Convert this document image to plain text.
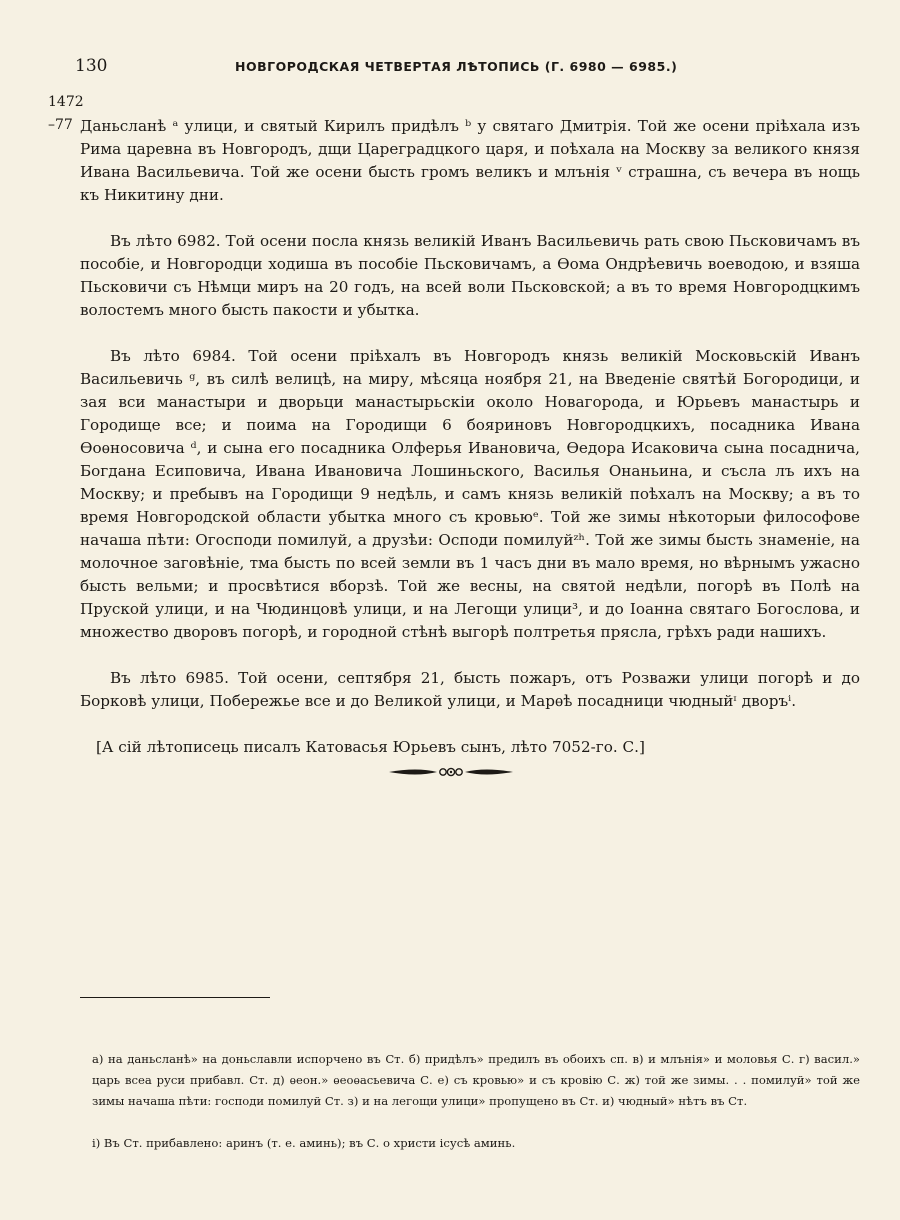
130	НОВГОРОДСКАЯ ЧЕТВЕРТАЯ ЛѢТОПИСЬ (Г. 6980 — 6985.)
1472
–77 Даньсланѣ ᵃ улици, и святый Кирилъ придѣлъ ᵇ у святаго Дмитрія. Той же осени пріѣхала изъ Рима царевна въ Новгородъ, дщи Цареградцкого царя, и поѣхала на Москву за великого князя Ивана Васильевича. Той же осени бысть громъ великъ и млънія ᵛ страшна, съ вечера въ нощь къ Никитину дни.

Въ лѣто 6982. Той осени посла князь великій Иванъ Васильевичь рать свою Пьсковичамъ въ пособіе, и Новгородци ходиша въ пособіе Пьсковичамъ, а Ѳома Ондрѣевичь воеводою, и взяша Пьсковичи съ Нѣмци миръ на 20 годъ, на всей воли Пьсковской; а въ то время Новгородцкимъ волостемъ много бысть пакости и убытка.

Въ лѣто 6984. Той осени пріѣхалъ въ Новгородъ князь великій Московьскій Иванъ Васильевичь ᵍ, въ силѣ велицѣ, на миру, мѣсяца ноября 21, на Введеніе святѣй Богородици, и зая вси манастыри и дворьци манастырьскіи около Новагорода, и Юрьевъ манастырь и Городище все; и поима на Городищи 6 бояриновъ Новгородцкихъ, посадника Ивана Ѳоѳносовича ᵈ, и сына его посадника Олферья Ивановича, Ѳедора Исаковича сына посадничa, Богдана Есиповича, Ивана Ивановича Лошиньского, Василья Онаньина, и съсла лъ ихъ на Москву; и пребывъ на Городищи 9 недѣль, и самъ князь великій поѣхалъ на Москву; а въ то время Новгородской области убытка много съ кровьюᵉ. Той же зимы нѣкоторыи философове начаша пѣти: Огосподи помилуй, а друзѣи: Осподи помилуйᶻʰ. Той же зимы бысть знаменіе, на молочное заговѣніе, тма бысть по всей земли въ 1 часъ дни въ мало время, но вѣрнымъ ужасно бысть вельми; и просвѣтися вборзѣ. Той же весны, на святой недѣли, погорѣ въ Полѣ на Пруской улици, и на Чюдинцовѣ улици, и на Легощи улици³, и до Іоанна святаго Богослова, и множество дворовъ погорѣ, и городной стѣнѣ выгорѣ полтретья прясла, грѣхъ ради нашихъ.

Въ лѣто 6985. Той осени, септября 21, бысть пожаръ, отъ Розважи улици погорѣ и до Борковѣ улици, Побережье все и до Великой улици, и Марѳѣ посадници чюдныйᶦ дворъⁱ.

[А сій лѣтописець писалъ Катовасья Юрьевъ сынъ, лѣто 7052-го. С.]

а) на даньсланѣ» на доньславли испорчено въ Ст. б) придѣлъ» предилъ въ обоихъ сп. в) и млънія» и моловья С. г) васил.» царь всеа руси прибавл. Ст. д) ѳеон.» ѳеоѳасьевича С. е) съ кровью» и съ кровію С. ж) той же зимы. . . помилуй» той же зимы начаша пѣти: господи помилуй Ст. з) и на легощи улици» пропущено въ Ст. и) чюдный» нѣтъ въ Ст.

і) Въ Ст. прибавлено: аринъ (т. е. аминь); въ С. о христи ісусѣ аминь.
